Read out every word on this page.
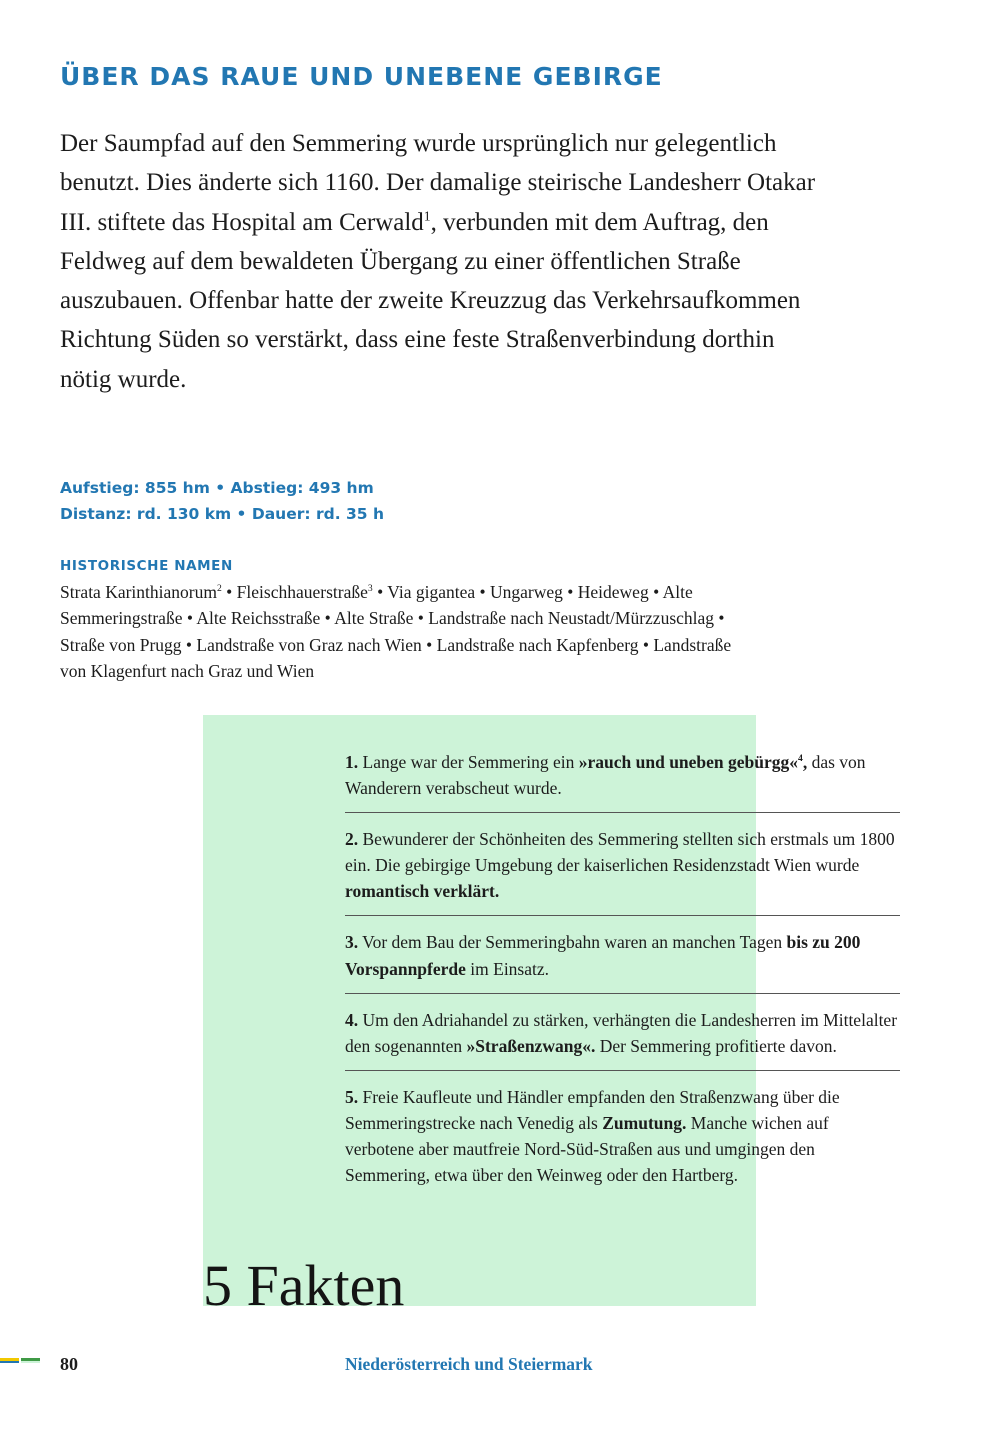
ÜBER DAS RAUE UND UNEBENE GEBIRGE

Der Saumpfad auf den Semmering wurde ursprünglich nur gelegentlich benutzt. Dies änderte sich 1160. Der damalige steirische Landesherr Otakar III. stiftete das Hospital am Cerwald$^1$, verbunden mit dem Auftrag, den Feldweg auf dem bewaldeten Übergang zu einer öffentlichen Straße auszubauen. Offenbar hatte der zweite Kreuzzug das Verkehrsaufkommen Richtung Süden so verstärkt, dass eine feste Straßenverbindung dorthin nötig wurde.

Aufstieg: 855 hm • Abstieg: 493 hm
Distanz: rd. 130 km • Dauer: rd. 35 h
HISTORISCHE NAMEN

Strata Karinthianorum$^2$ • Fleischhauerstraße$^3$ • Via gigantea • Ungarweg • Heideweg • Alte Semmeringstraße • Alte Reichsstraße • Alte Straße • Landstraße nach Neustadt/Mürzzuschlag • Straße von Prugg • Landstraße von Graz nach Wien • Landstraße nach Kapfenberg • Landstraße von Klagenfurt nach Graz und Wien

5 Fakten

1. Lange war der Semmering ein »rauch und uneben gebürgg«$^4$, das von Wanderern verabscheut wurde.

2. Bewunderer der Schönheiten des Semmering stellten sich erstmals um 1800 ein. Die gebirgige Umgebung der kaiserlichen Residenzstadt Wien wurde romantisch verklärt.

3. Vor dem Bau der Semmeringbahn waren an manchen Tagen bis zu 200 Vorspannpferde im Einsatz.

4. Um den Adriahandel zu stärken, verhängten die Landesherren im Mittelalter den sogenannten »Straßenzwang«. Der Semmering profitierte davon.

5. Freie Kaufleute und Händler empfanden den Straßenzwang über die Semmeringstrecke nach Venedig als Zumutung. Manche wichen auf verbotene aber mautfreie Nord-Süd-Straßen aus und umgingen den Semmering, etwa über den Weinweg oder den Hartberg.

80	Niederösterreich und Steiermark
